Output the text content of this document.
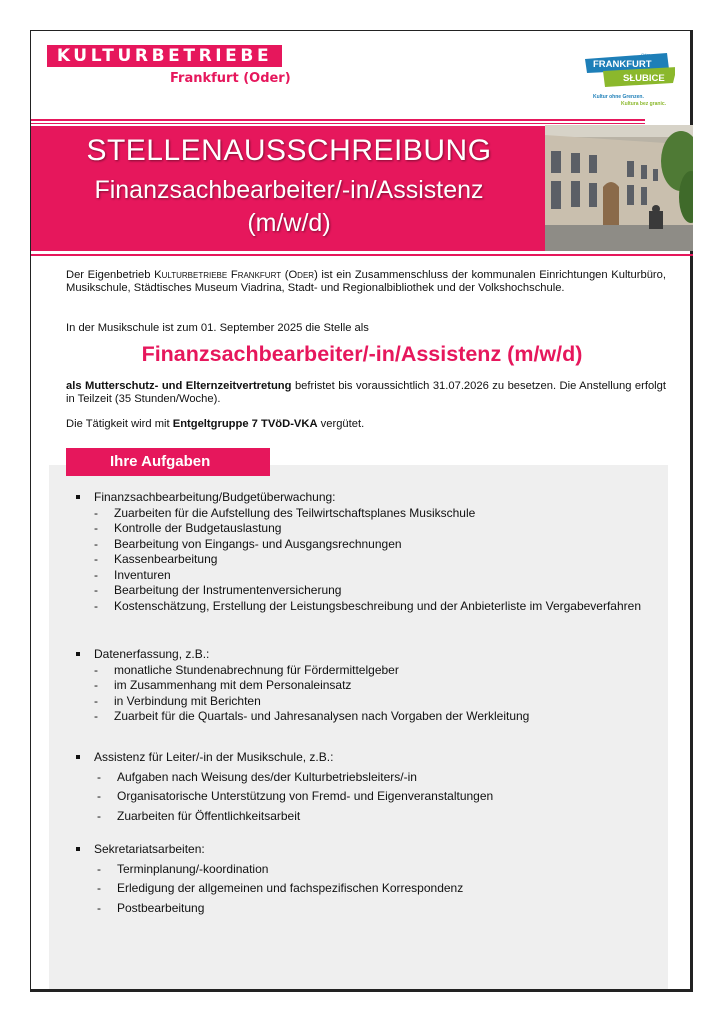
KULTURBETRIEBE
Frankfurt (Oder)
FRANKFURT
SŁUBICE
Oder
Kultur ohne Grenzen.
Kultura bez granic.
STELLENAUSSCHREIBUNG
Finanzsachbearbeiter/-in/Assistenz
(m/w/d)
Der Eigenbetrieb Kulturbetriebe Frankfurt (Oder) ist ein Zusammenschluss der kommunalen Einrichtungen Kulturbüro, Musikschule, Städtisches Museum Viadrina, Stadt- und Regionalbibliothek und der Volkshochschule.
In der Musikschule ist zum 01. September 2025 die Stelle als
Finanzsachbearbeiter/-in/Assistenz (m/w/d)
als Mutterschutz- und Elternzeitvertretung befristet bis voraussichtlich 31.07.2026 zu besetzen. Die Anstellung erfolgt in Teilzeit (35 Stunden/Woche).
Die Tätigkeit wird mit Entgeltgruppe 7 TVöD-VKA vergütet.
Ihre Aufgaben
Finanzsachbearbeitung/Budgetüberwachung:
- Zuarbeiten für die Aufstellung des Teilwirtschaftsplanes Musikschule
- Kontrolle der Budgetauslastung
- Bearbeitung von Eingangs- und Ausgangsrechnungen
- Kassenbearbeitung
- Inventuren
- Bearbeitung der Instrumentenversicherung
- Kostenschätzung, Erstellung der Leistungsbeschreibung und der Anbieterliste im Vergabeverfahren
Datenerfassung, z.B.:
- monatliche Stundenabrechnung für Fördermittelgeber
- im Zusammenhang mit dem Personaleinsatz
- in Verbindung mit Berichten
- Zuarbeit für die Quartals- und Jahresanalysen nach Vorgaben der Werkleitung
Assistenz für Leiter/-in der Musikschule, z.B.:
- Aufgaben nach Weisung des/der Kulturbetriebsleiters/-in
- Organisatorische Unterstützung von Fremd- und Eigenveranstaltungen
- Zuarbeiten für Öffentlichkeitsarbeit
Sekretariatsarbeiten:
- Terminplanung/-koordination
- Erledigung der allgemeinen und fachspezifischen Korrespondenz
- Postbearbeitung
